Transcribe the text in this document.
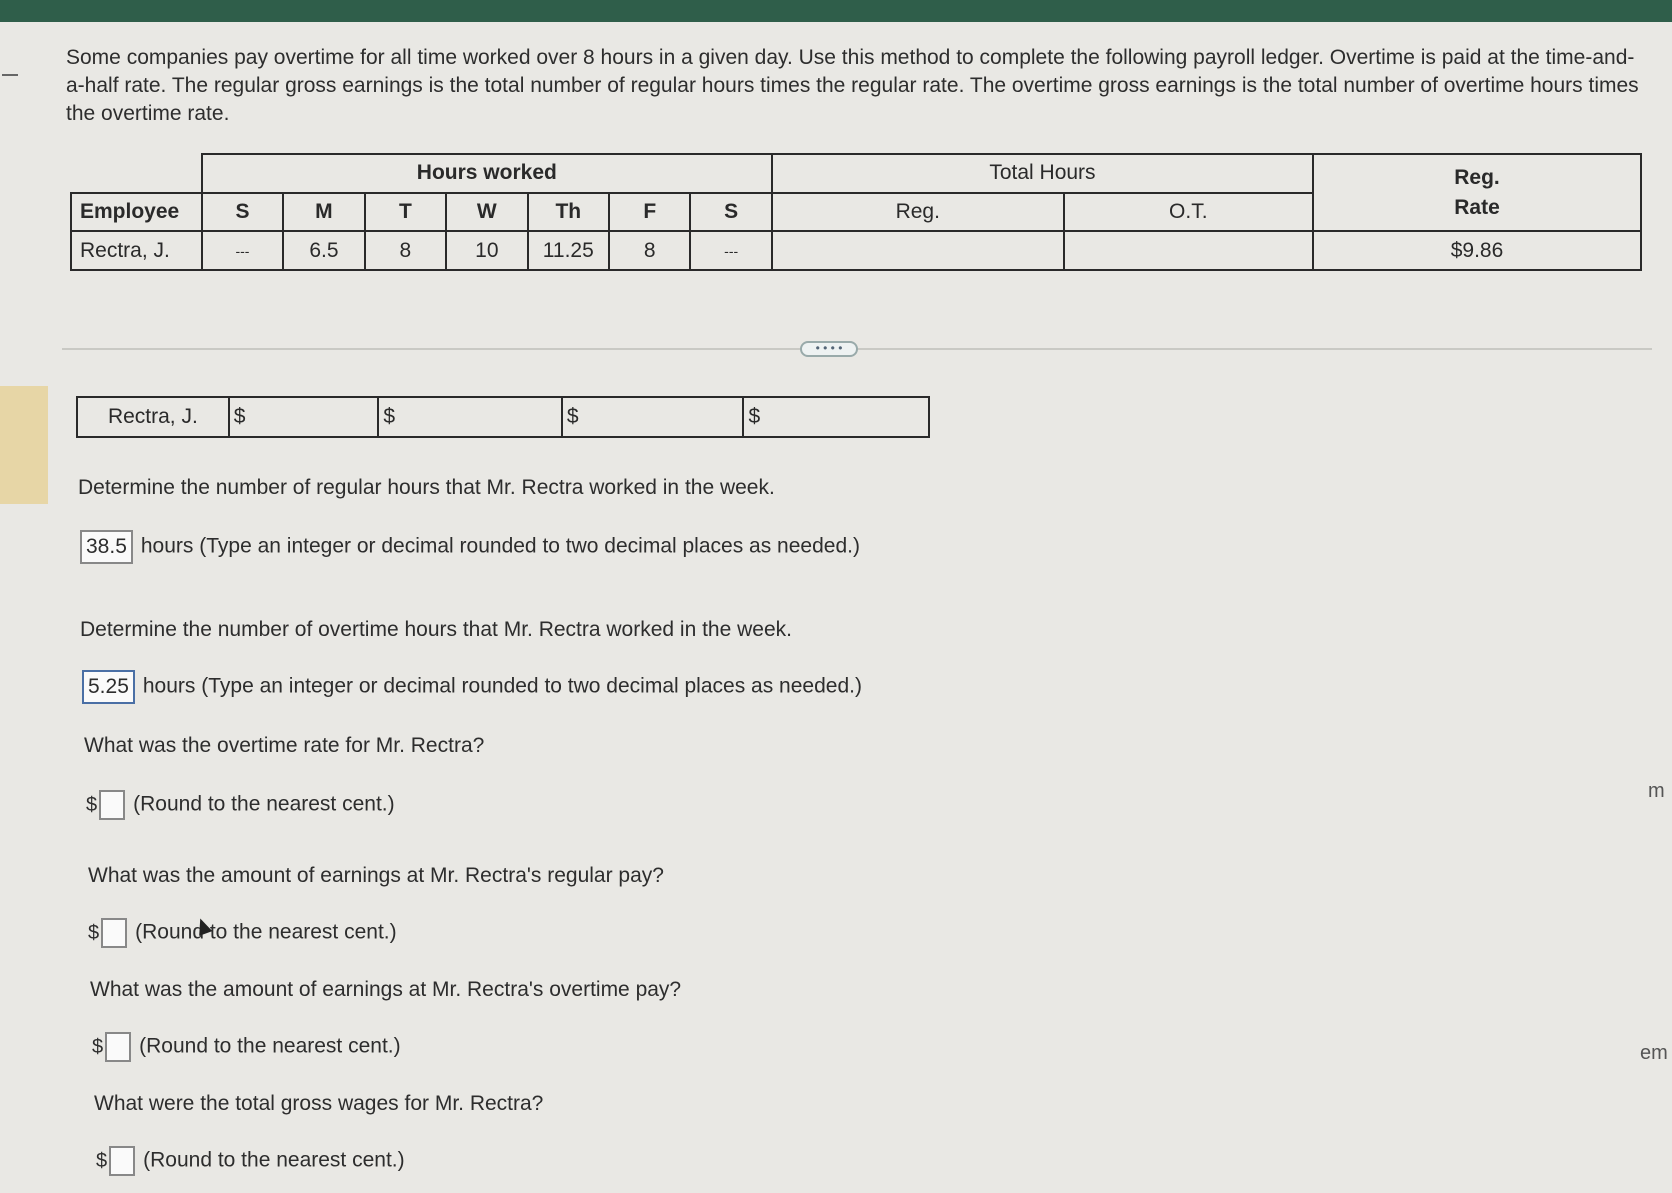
Some companies pay overtime for all time worked over 8 hours in a given day. Use this method to complete the following payroll ledger. Overtime is paid at the time-and-a-half rate. The regular gross earnings is the total number of regular hours times the regular rate. The overtime gross earnings is the total number of overtime hours times the overtime rate.
	Hours worked							Total Hours		Reg. Rate
Employee	S	M	T	W	Th	F	S	Reg.	O.T.	
Rectra, J.	---	6.5	8	10	11.25	8	---			$9.86
• • • •
Rectra, J.	$	$	$	$
Determine the number of regular hours that Mr. Rectra worked in the week.
38.5 hours (Type an integer or decimal rounded to two decimal places as needed.)
Determine the number of overtime hours that Mr. Rectra worked in the week.
5.25 hours (Type an integer or decimal rounded to two decimal places as needed.)
What was the overtime rate for Mr. Rectra?
$ (Round to the nearest cent.)
What was the amount of earnings at Mr. Rectra's regular pay?
$ (Round to the nearest cent.)
What was the amount of earnings at Mr. Rectra's overtime pay?
$ (Round to the nearest cent.)
What were the total gross wages for Mr. Rectra?
$ (Round to the nearest cent.)
m
em
